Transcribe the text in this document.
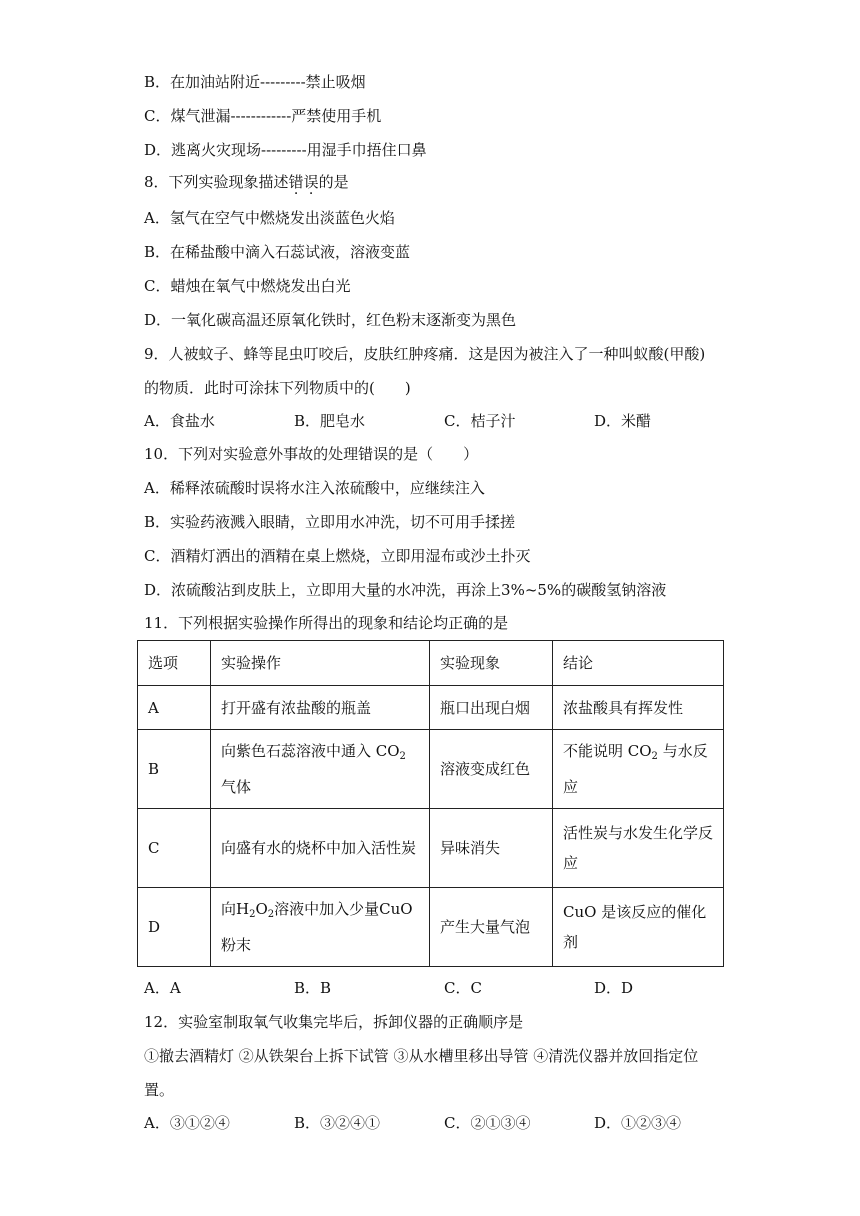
B．在加油站附近---------禁止吸烟
C．煤气泄漏------------严禁使用手机
D．逃离火灾现场---------用湿手巾捂住口鼻
8．下列实验现象描述错误的是
A．氢气在空气中燃烧发出淡蓝色火焰
B．在稀盐酸中滴入石蕊试液，溶液变蓝
C．蜡烛在氧气中燃烧发出白光
D．一氧化碳高温还原氧化铁时，红色粉末逐渐变为黑色
9．人被蚊子、蜂等昆虫叮咬后，皮肤红肿疼痛．这是因为被注入了一种叫蚁酸(甲酸)
的物质．此时可涂抹下列物质中的(　　)
A．食盐水	B．肥皂水	C．桔子汁	D．米醋
10．下列对实验意外事故的处理错误的是（　　）
A．稀释浓硫酸时误将水注入浓硫酸中，应继续注入
B．实验药液溅入眼睛，立即用水冲洗，切不可用手揉搓
C．酒精灯洒出的酒精在桌上燃烧，立即用湿布或沙土扑灭
D．浓硫酸沾到皮肤上，立即用大量的水冲洗，再涂上3%~5%的碳酸氢钠溶液
11．下列根据实验操作所得出的现象和结论均正确的是
选项	实验操作	实验现象	结论
A	打开盛有浓盐酸的瓶盖	瓶口出现白烟	浓盐酸具有挥发性
B	向紫色石蕊溶液中通入 $CO_2$ 气体	溶液变成红色	不能说明 $CO_2$ 与水反应
C	向盛有水的烧杯中加入活性炭	异味消失	活性炭与水发生化学反应
D	向$H_2O_2$溶液中加入少量CuO粉末	产生大量气泡	CuO 是该反应的催化剂
A．A	B．B	C．C	D．D
12．实验室制取氧气收集完毕后，拆卸仪器的正确顺序是
①撤去酒精灯 ②从铁架台上拆下试管 ③从水槽里移出导管 ④清洗仪器并放回指定位
置。
A．③①②④	B．③②④①	C．②①③④	D．①②③④
